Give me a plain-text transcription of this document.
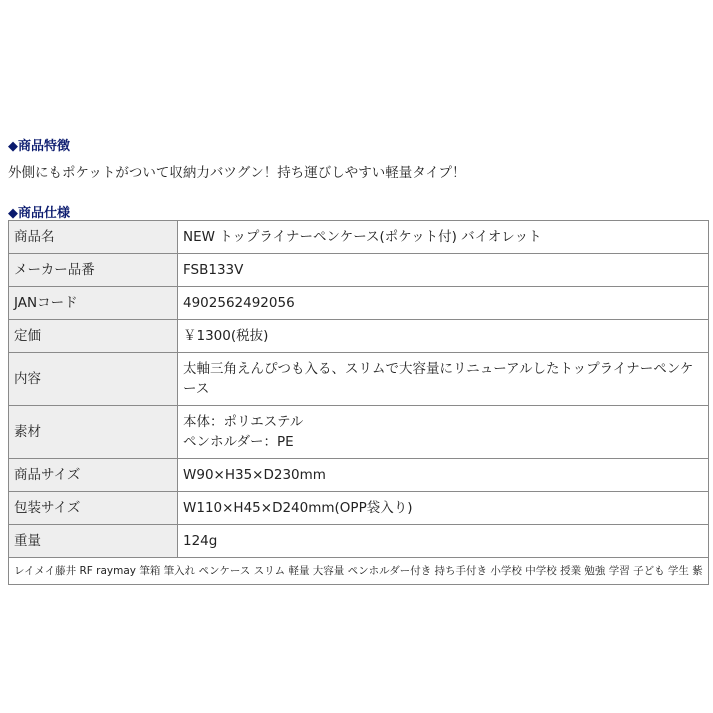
◆商品特徴
外側にもポケットがついて収納力バツグン！持ち運びしやすい軽量タイプ！
◆商品仕様
商品名	NEW トップライナーペンケース(ポケット付) バイオレット
メーカー品番	FSB133V
JANコード	4902562492056
定価	￥1300(税抜)
内容	太軸三角えんぴつも入る、スリムで大容量にリニューアルしたトップライナーペンケース
素材	本体：ポリエステル
ペンホルダー：PE

商品サイズ	W90×H35×D230mm
包装サイズ	W110×H45×D240mm(OPP袋入り)
重量	124g
レイメイ藤井 RF raymay 筆箱 筆入れ ペンケース スリム 軽量 大容量 ペンホルダー付き 持ち手付き 小学校 中学校 授業 勉強 学習 子ども 学生 紫	
